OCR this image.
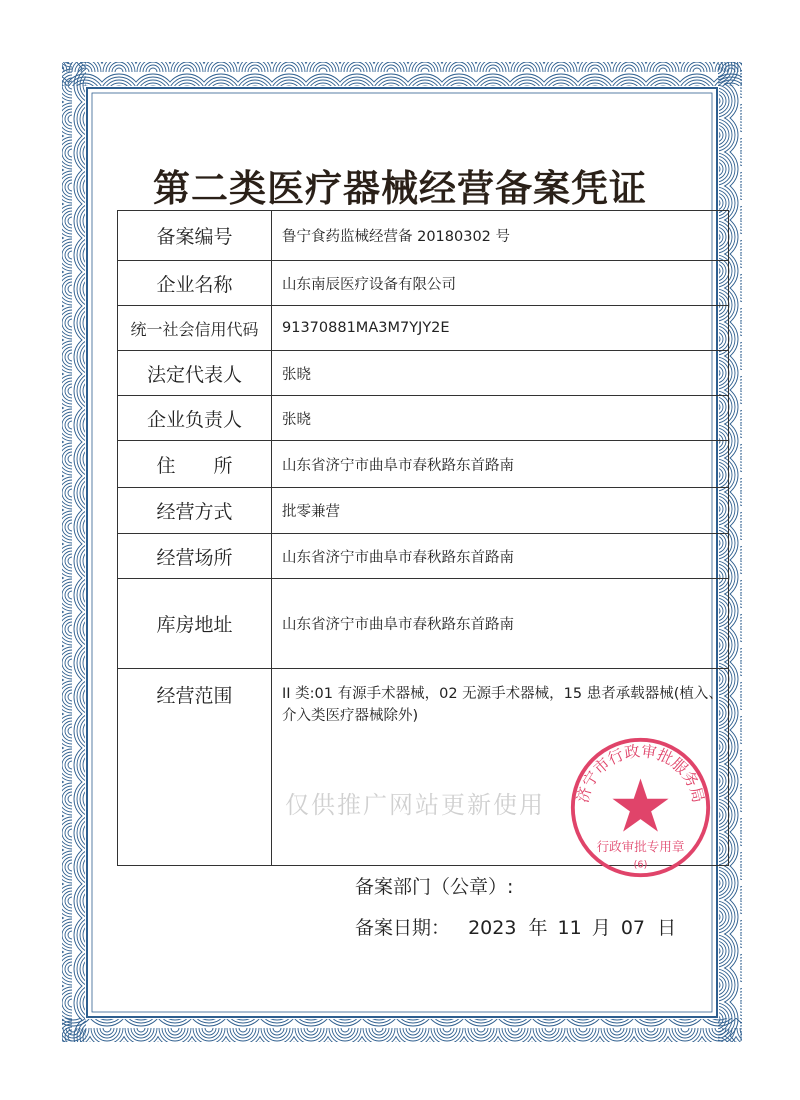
第二类医疗器械经营备案凭证
备案编号	鲁宁食药监械经营备 20180302 号
企业名称	山东南辰医疗设备有限公司
统一社会信用代码	91370881MA3M7YJY2E
法定代表人	张晓
企业负责人	张晓
住　　所	山东省济宁市曲阜市春秋路东首路南
经营方式	批零兼营
经营场所	山东省济宁市曲阜市春秋路东首路南
库房地址	山东省济宁市曲阜市春秋路东首路南
经营范围	II 类:01 有源手术器械，02 无源手术器械，15 患者承载器械(植入、介入类医疗器械除外)
仅供推广网站更新使用
备案部门（公章）:
备案日期： 2023 年 11 月 07 日
济宁市行政审批服务局
行政审批专用章
(6)
